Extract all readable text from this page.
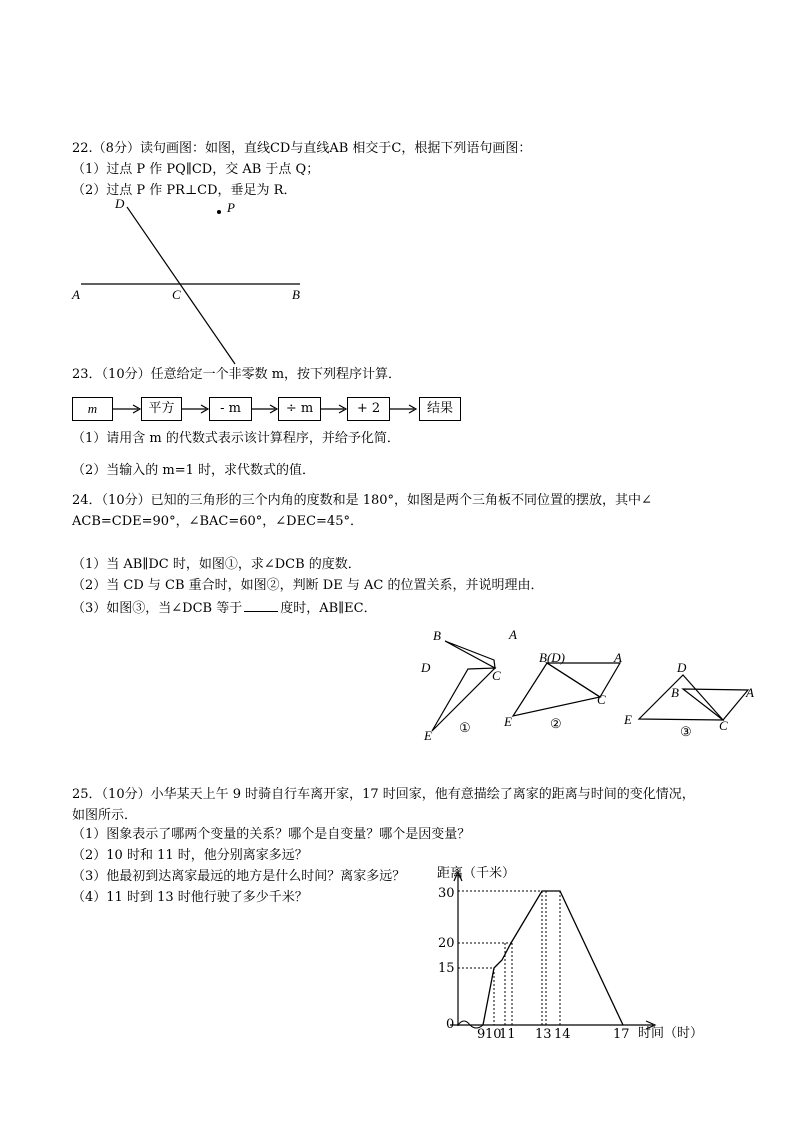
22.（8分）读句画图：如图，直线CD与直线AB 相交于C，根据下列语句画图：
（1）过点 P 作 PQ∥CD，交 AB 于点 Q；
（2）过点 P 作 PR⊥CD，垂足为 R．
D	P
A	C	B
23．（10分）任意给定一个非零数 m，按下列程序计算．
m	平方	- m	÷ m	+ 2	结果
（1）请用含 m 的代数式表示该计算程序，并给予化简．
（2）当输入的 m=1 时，求代数式的值．
24．（10分）已知的三角形的三个内角的度数和是 180°，如图是两个三角板不同位置的摆放，其中∠
ACB=CDE=90°，∠BAC=60°，∠DEC=45°．
（1）当 AB∥DC 时，如图①，求∠DCB 的度数．
（2）当 CD 与 CB 重合时，如图②，判断 DE 与 AC 的位置关系，并说明理由．
（3）如图③，当∠DCB 等于	度时，AB∥EC．
B	A
D
C
E ①
B(D)	A
C
E	②
D
B	A
E	C
③
25．（10分）小华某天上午 9 时骑自行车离开家，17 时回家，他有意描绘了离家的距离与时间的变化情况，
如图所示．
（1）图象表示了哪两个变量的关系？哪个是自变量？哪个是因变量？
（2）10 时和 11 时，他分别离家多远？
（3）他最初到达离家最远的地方是什么时间？离家多远？
（4）11 时到 13 时他行驶了多少千米？
距离（千米）
时间（时）
30
20
15
0
9 10
11 13 14	17
